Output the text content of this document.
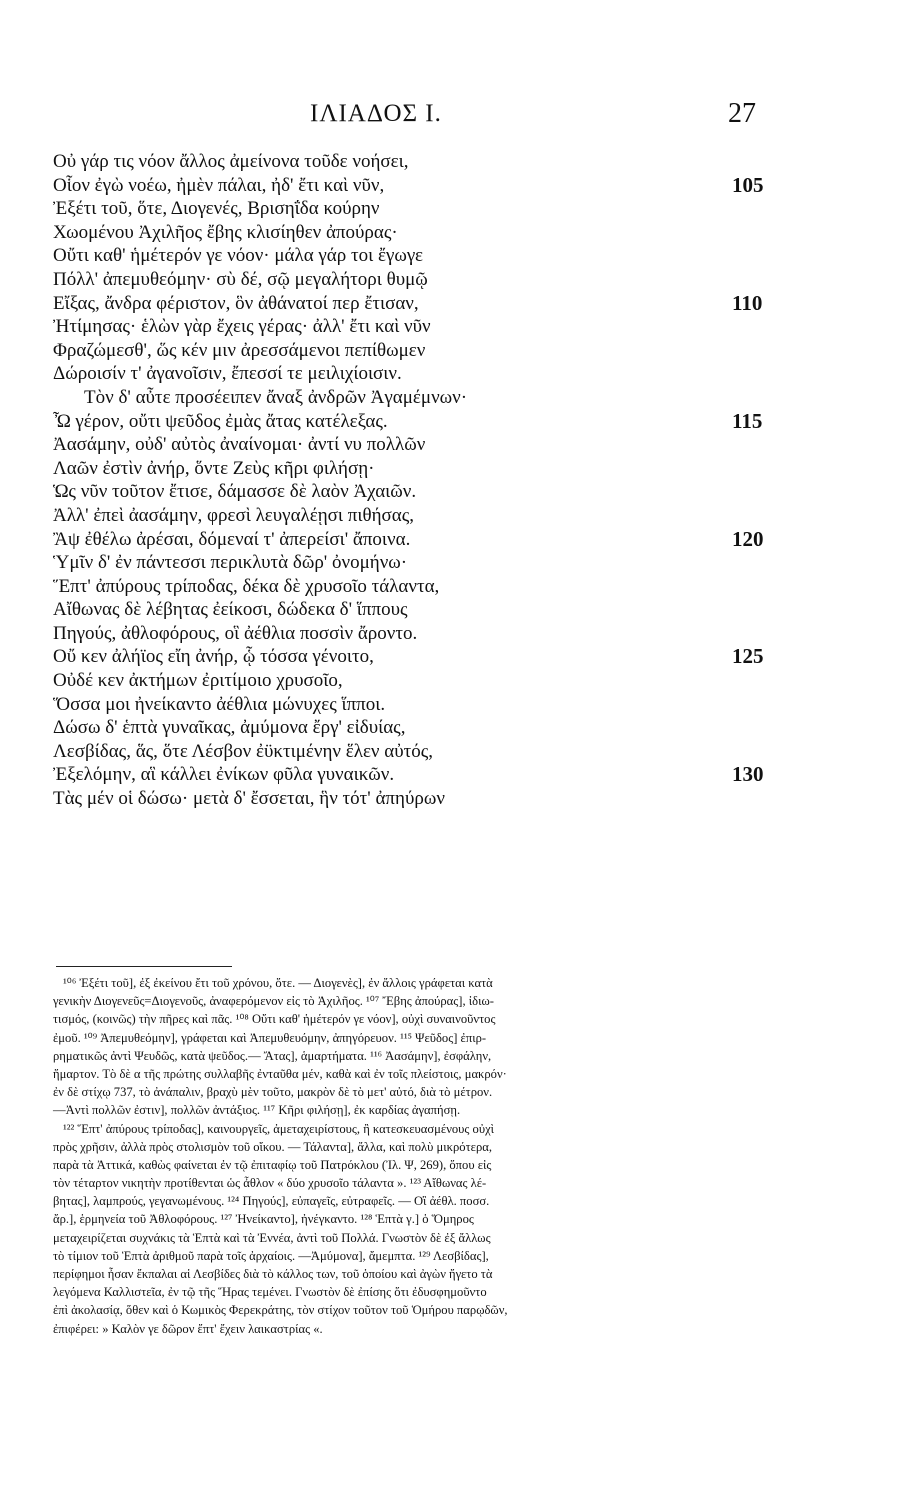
ΙΛΙΑΔΟΣ Ι.	27
Οὐ γάρ τις νόον ἄλλος ἀμείνονα τοῦδε νοήσει,
Οἷον ἐγὼ νοέω, ἠμὲν πάλαι, ἠδ' ἔτι καὶ νῦν,	105
Ἐξέτι τοῦ, ὅτε, Διογενές, Βρισηΐδα κούρην
Χωομένου Ἀχιλῆος ἔβης κλισίηθεν ἀπούρας·
Οὔτι καθ' ἡμέτερόν γε νόον· μάλα γάρ τοι ἔγωγε
Πόλλ' ἀπεμυθεόμην· σὺ δέ, σῷ μεγαλήτορι θυμῷ
Εἴξας, ἄνδρα φέριστον, ὃν ἀθάνατοί περ ἔτισαν,	110
Ἠτίμησας· ἑλὼν γὰρ ἔχεις γέρας· ἀλλ' ἔτι καὶ νῦν
Φραζώμεσθ', ὥς κέν μιν ἀρεσσάμενοι πεπίθωμεν
Δώροισίν τ' ἀγανοῖσιν, ἔπεσσί τε μειλιχίοισιν.
Τὸν δ' αὖτε προσέειπεν ἄναξ ἀνδρῶν Ἀγαμέμνων·
Ὦ γέρον, οὔτι ψεῦδος ἐμὰς ἄτας κατέλεξας.	115
Ἀασάμην, οὐδ' αὐτὸς ἀναίνομαι· ἀντί νυ πολλῶν
Λαῶν ἐστὶν ἀνήρ, ὅντε Ζεὺς κῆρι φιλήσῃ·
Ὡς νῦν τοῦτον ἔτισε, δάμασσε δὲ λαὸν Ἀχαιῶν.
Ἀλλ' ἐπεὶ ἀασάμην, φρεσὶ λευγαλέῃσι πιθήσας,
Ἂψ ἐθέλω ἀρέσαι, δόμεναί τ' ἀπερείσι' ἄποινα.	120
Ὑμῖν δ' ἐν πάντεσσι περικλυτὰ δῶρ' ὀνομήνω·
Ἕπτ' ἀπύρους τρίποδας, δέκα δὲ χρυσοῖο τάλαντα,
Αἴθωνας δὲ λέβητας ἐείκοσι, δώδεκα δ' ἵππους
Πηγούς, ἀθλοφόρους, οἳ ἀέθλια ποσσὶν ἄροντο.
Οὔ κεν ἀλήϊος εἴη ἀνήρ, ᾧ τόσσα γένοιτο,	125
Οὐδέ κεν ἀκτήμων ἐριτίμοιο χρυσοῖο,
Ὅσσα μοι ἠνείκαντο ἀέθλια μώνυχες ἵπποι.
Δώσω δ' ἑπτὰ γυναῖκας, ἀμύμονα ἔργ' εἰδυίας,
Λεσβίδας, ἅς, ὅτε Λέσβον ἐϋκτιμένην ἕλεν αὐτός,
Ἐξελόμην, αἳ κάλλει ἐνίκων φῦλα γυναικῶν.	130
Τὰς μέν οἱ δώσω· μετὰ δ' ἔσσεται, ἣν τότ' ἀπηύρων
¹⁰⁶ Ἐξέτι τοῦ], ἐξ ἐκείνου ἔτι τοῦ χρόνου, ὅτε. — Διογενὲς], ἐν ἄλλοις γράφεται κατὰ
γενικὴν Διογενεῦς=Διογενοῦς, ἀναφερόμενον εἰς τὸ Ἀχιλῆος. ¹⁰⁷ Ἔβης ἀπούρας], ἰδιω-
τισμός, (κοινῶς) τὴν πῆρες καὶ πᾶς. ¹⁰⁸ Οὔτι καθ' ἡμέτερόν γε νόον], οὐχὶ συναινοῦντος
ἐμοῦ. ¹⁰⁹ Ἀπεμυθεόμην], γράφεται καὶ Ἀπεμυθευόμην, ἀπηγόρευον. ¹¹⁵ Ψεῦδος] ἐπιρ-
ρηματικῶς ἀντὶ Ψευδῶς, κατὰ ψεῦδος.— Ἄτας], ἁμαρτήματα. ¹¹⁶ Ἀασάμην], ἐσφάλην,
ἥμαρτον. Τὸ δὲ α τῆς πρώτης συλλαβῆς ἐνταῦθα μέν, καθὰ καὶ ἐν τοῖς πλείστοις, μακρόν·
ἐν δὲ στίχῳ 737, τὸ ἀνάπαλιν, βραχὺ μὲν τοῦτο, μακρὸν δὲ τὸ μετ' αὐτό, διὰ τὸ μέτρον.
—Ἀντὶ πολλῶν ἐστιν], πολλῶν ἀντάξιος. ¹¹⁷ Κῆρι φιλήσῃ], ἐκ καρδίας ἀγαπήσῃ.
¹²² Ἕπτ' ἀπύρους τρίποδας], καινουργεῖς, ἀμεταχειρίστους, ἢ κατεσκευασμένους οὐχὶ
πρὸς χρῆσιν, ἀλλὰ πρὸς στολισμὸν τοῦ οἴκου. — Τάλαντα], ἄλλα, καὶ πολὺ μικρότερα,
παρὰ τὰ Ἀττικά, καθὼς φαίνεται ἐν τῷ ἐπιταφίῳ τοῦ Πατρόκλου (Ἰλ. Ψ, 269), ὅπου εἰς
τὸν τέταρτον νικητὴν προτίθενται ὡς ἆθλον « δύο χρυσοῖο τάλαντα ». ¹²³ Αἴθωνας λέ-
βητας], λαμπρούς, γεγανωμένους. ¹²⁴ Πηγούς], εὐπαγεῖς, εὐτραφεῖς. — Οἳ ἀέθλ. ποσσ.
ἄρ.], ἑρμηνεία τοῦ Ἀθλοφόρους. ¹²⁷ Ἠνείκαντο], ἠνέγκαντο. ¹²⁸ Ἑπτὰ γ.] ὁ Ὅμηρος
μεταχειρίζεται συχνάκις τὰ Ἑπτὰ καὶ τὰ Ἐννέα, ἀντὶ τοῦ Πολλά. Γνωστὸν δὲ ἐξ ἄλλως
τὸ τίμιον τοῦ Ἑπτὰ ἀριθμοῦ παρὰ τοῖς ἀρχαίοις. —Ἀμύμονα], ἄμεμπτα. ¹²⁹ Λεσβίδας],
περίφημοι ἦσαν ἔκπαλαι αἱ Λεσβίδες διὰ τὸ κάλλος των, τοῦ ὁποίου καὶ ἀγὼν ἤγετο τὰ
λεγόμενα Καλλιστεῖα, ἐν τῷ τῆς Ἥρας τεμένει. Γνωστὸν δὲ ἐπίσης ὅτι ἐδυσφημοῦντο
ἐπὶ ἀκολασίᾳ, ὅθεν καὶ ὁ Κωμικὸς Φερεκράτης, τὸν στίχον τοῦτον τοῦ Ὁμήρου παρῳδῶν,
ἐπιφέρει: » Καλὸν γε δῶρον ἔπτ' ἔχειν λαικαστρίας «.
